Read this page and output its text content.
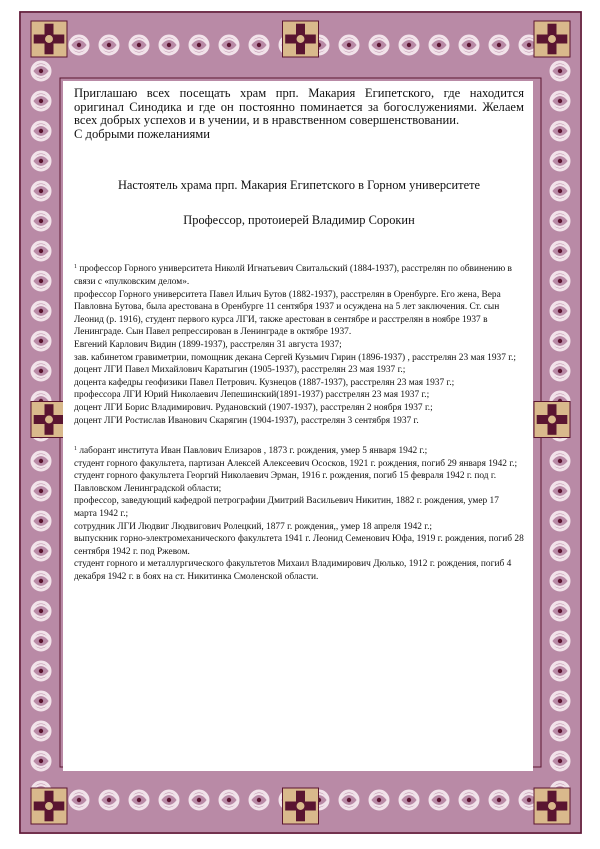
Приглашаю всех посещать храм прп. Макария Египетского, где находится оригинал Синодика и где он постоянно поминается за богослужениями. Желаем всех добрых успехов и в учении, и в нравственном совершенствовании.

С добрыми пожеланиями

Настоятель храма прп. Макария Египетского в Горном университете

Профессор, протоиерей Владимир Сорокин

$^1$ профессор Горного университета Николй Игнатьевич Свитальский (1884-1937), расстрелян по обвинению в связи с «пулковским делом».

профессор Горного университета Павел Ильич Бутов (1882-1937), расстрелян в Оренбурге. Его жена, Вера Павловна Бутова, была арестована в Оренбурге 11 сентября 1937 и осуждена на 5 лет заключения. Ст. сын Леонид (р. 1916), студент первого курса ЛГИ, также арестован в сентябре и расстрелян в ноябре 1937 в Ленинграде. Сын Павел репрессирован в Ленинграде в октябре 1937.

Евгений Карлович Видин (1899-1937), расстрелян 31 августа 1937;

зав. кабинетом гравиметрии, помощник декана Сергей Кузьмич Гирин (1896-1937) , расстрелян 23 мая 1937 г.;

доцент ЛГИ Павел Михайлович Каратыгин (1905-1937), расстрелян 23 мая 1937 г.;

доцента кафедры геофизики Павел Петрович. Кузнецов (1887-1937), расстрелян 23 мая 1937 г.;

профессора ЛГИ Юрий Николаевич Лепешинский(1891-1937) расстрелян 23 мая 1937 г.;

доцент ЛГИ Борис Владимирович. Рудановский (1907-1937), расстрелян 2 ноября 1937 г.;

доцент ЛГИ Ростислав Иванович Скарягин (1904-1937), расстрелян 3 сентября 1937 г.

$^1$ лаборант института Иван Павлович Елизаров , 1873 г. рождения, умер 5 января 1942 г.;

студент горного факультета, партизан Алексей Алексеевич Ососков, 1921 г. рождения, погиб 29 января 1942 г.;

студент горного факультета Георгий Николаевич Эрман, 1916 г. рождения, погиб 15 февраля 1942 г. под г. Павловском Ленинградской области;

профессор, заведующий кафедрой петрографии Дмитрий Васильевич Никитин, 1882 г. рождения, умер 17 марта 1942 г.;

сотрудник ЛГИ Людвиг Людвигович Ролецкий, 1877 г. рождения,, умер 18 апреля 1942 г.;

выпускник горно-электромеханического факультета 1941 г. Леонид Семенович Юфа, 1919 г. рождения, погиб 28 сентября 1942 г. под Ржевом.

студент горного и металлургического факультетов Михаил Владимирович Дюлько, 1912 г. рождения, погиб 4 декабря 1942 г. в боях на ст. Никитинка Смоленской области.
